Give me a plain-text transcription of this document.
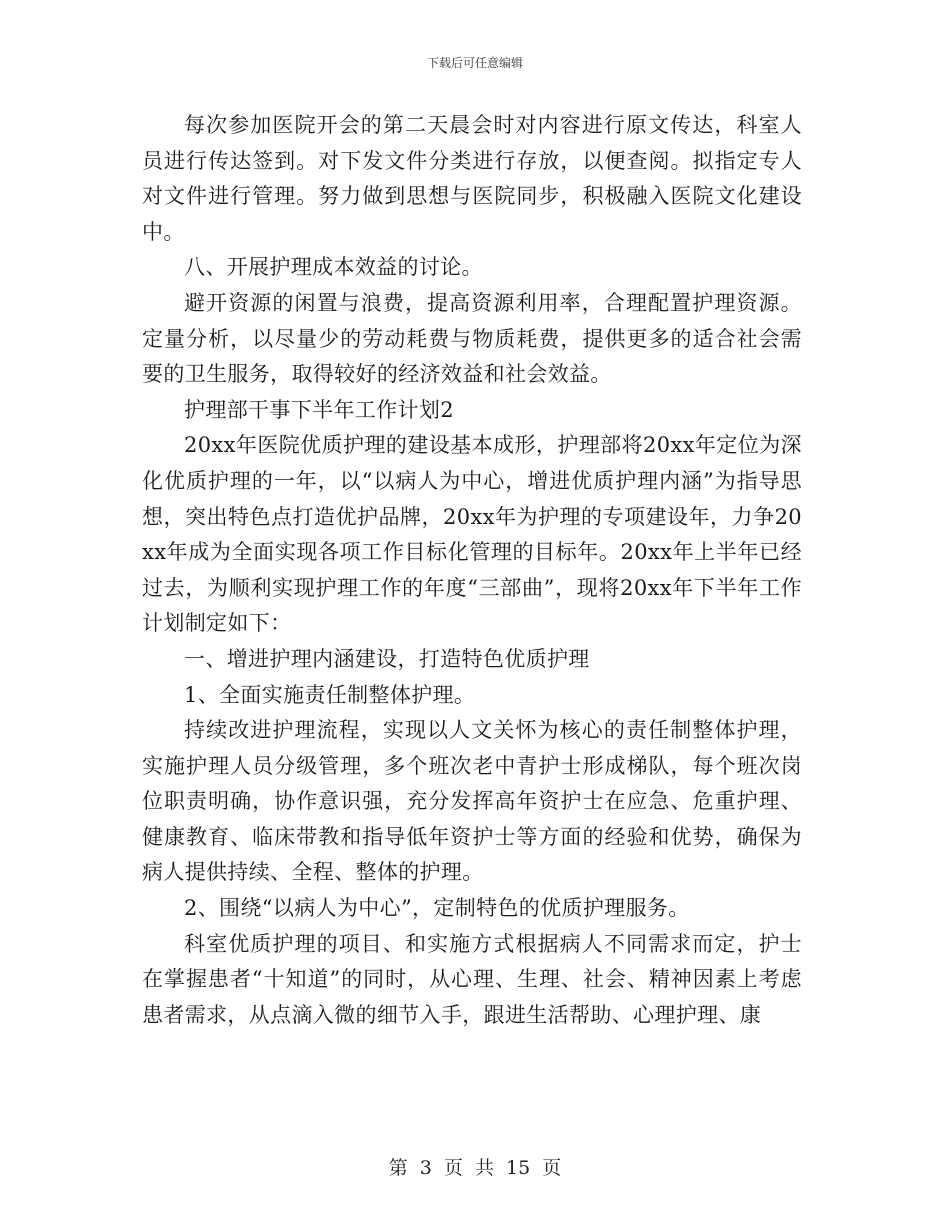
下载后可任意编辑

每次参加医院开会的第二天晨会时对内容进行原文传达，科室人员进行传达签到。对下发文件分类进行存放，以便查阅。拟指定专人对文件进行管理。努力做到思想与医院同步，积极融入医院文化建设中。

八、开展护理成本效益的讨论。

避开资源的闲置与浪费，提高资源利用率，合理配置护理资源。定量分析，以尽量少的劳动耗费与物质耗费，提供更多的适合社会需要的卫生服务，取得较好的经济效益和社会效益。

护理部干事下半年工作计划2

20xx年医院优质护理的建设基本成形，护理部将20xx年定位为深化优质护理的一年，以“以病人为中心，增进优质护理内涵”为指导思想，突出特色点打造优护品牌，20xx年为护理的专项建设年，力争20xx年成为全面实现各项工作目标化管理的目标年。20xx年上半年已经过去，为顺利实现护理工作的年度“三部曲”，现将20xx年下半年工作计划制定如下：

一、增进护理内涵建设，打造特色优质护理

1、全面实施责任制整体护理。

持续改进护理流程，实现以人文关怀为核心的责任制整体护理，实施护理人员分级管理，多个班次老中青护士形成梯队，每个班次岗位职责明确，协作意识强，充分发挥高年资护士在应急、危重护理、健康教育、临床带教和指导低年资护士等方面的经验和优势，确保为病人提供持续、全程、整体的护理。

2、围绕“以病人为中心”，定制特色的优质护理服务。

科室优质护理的项目、和实施方式根据病人不同需求而定，护士在掌握患者“十知道”的同时，从心理、生理、社会、精神因素上考虑患者需求，从点滴入微的细节入手，跟进生活帮助、心理护理、康

第 3 页 共 15 页
